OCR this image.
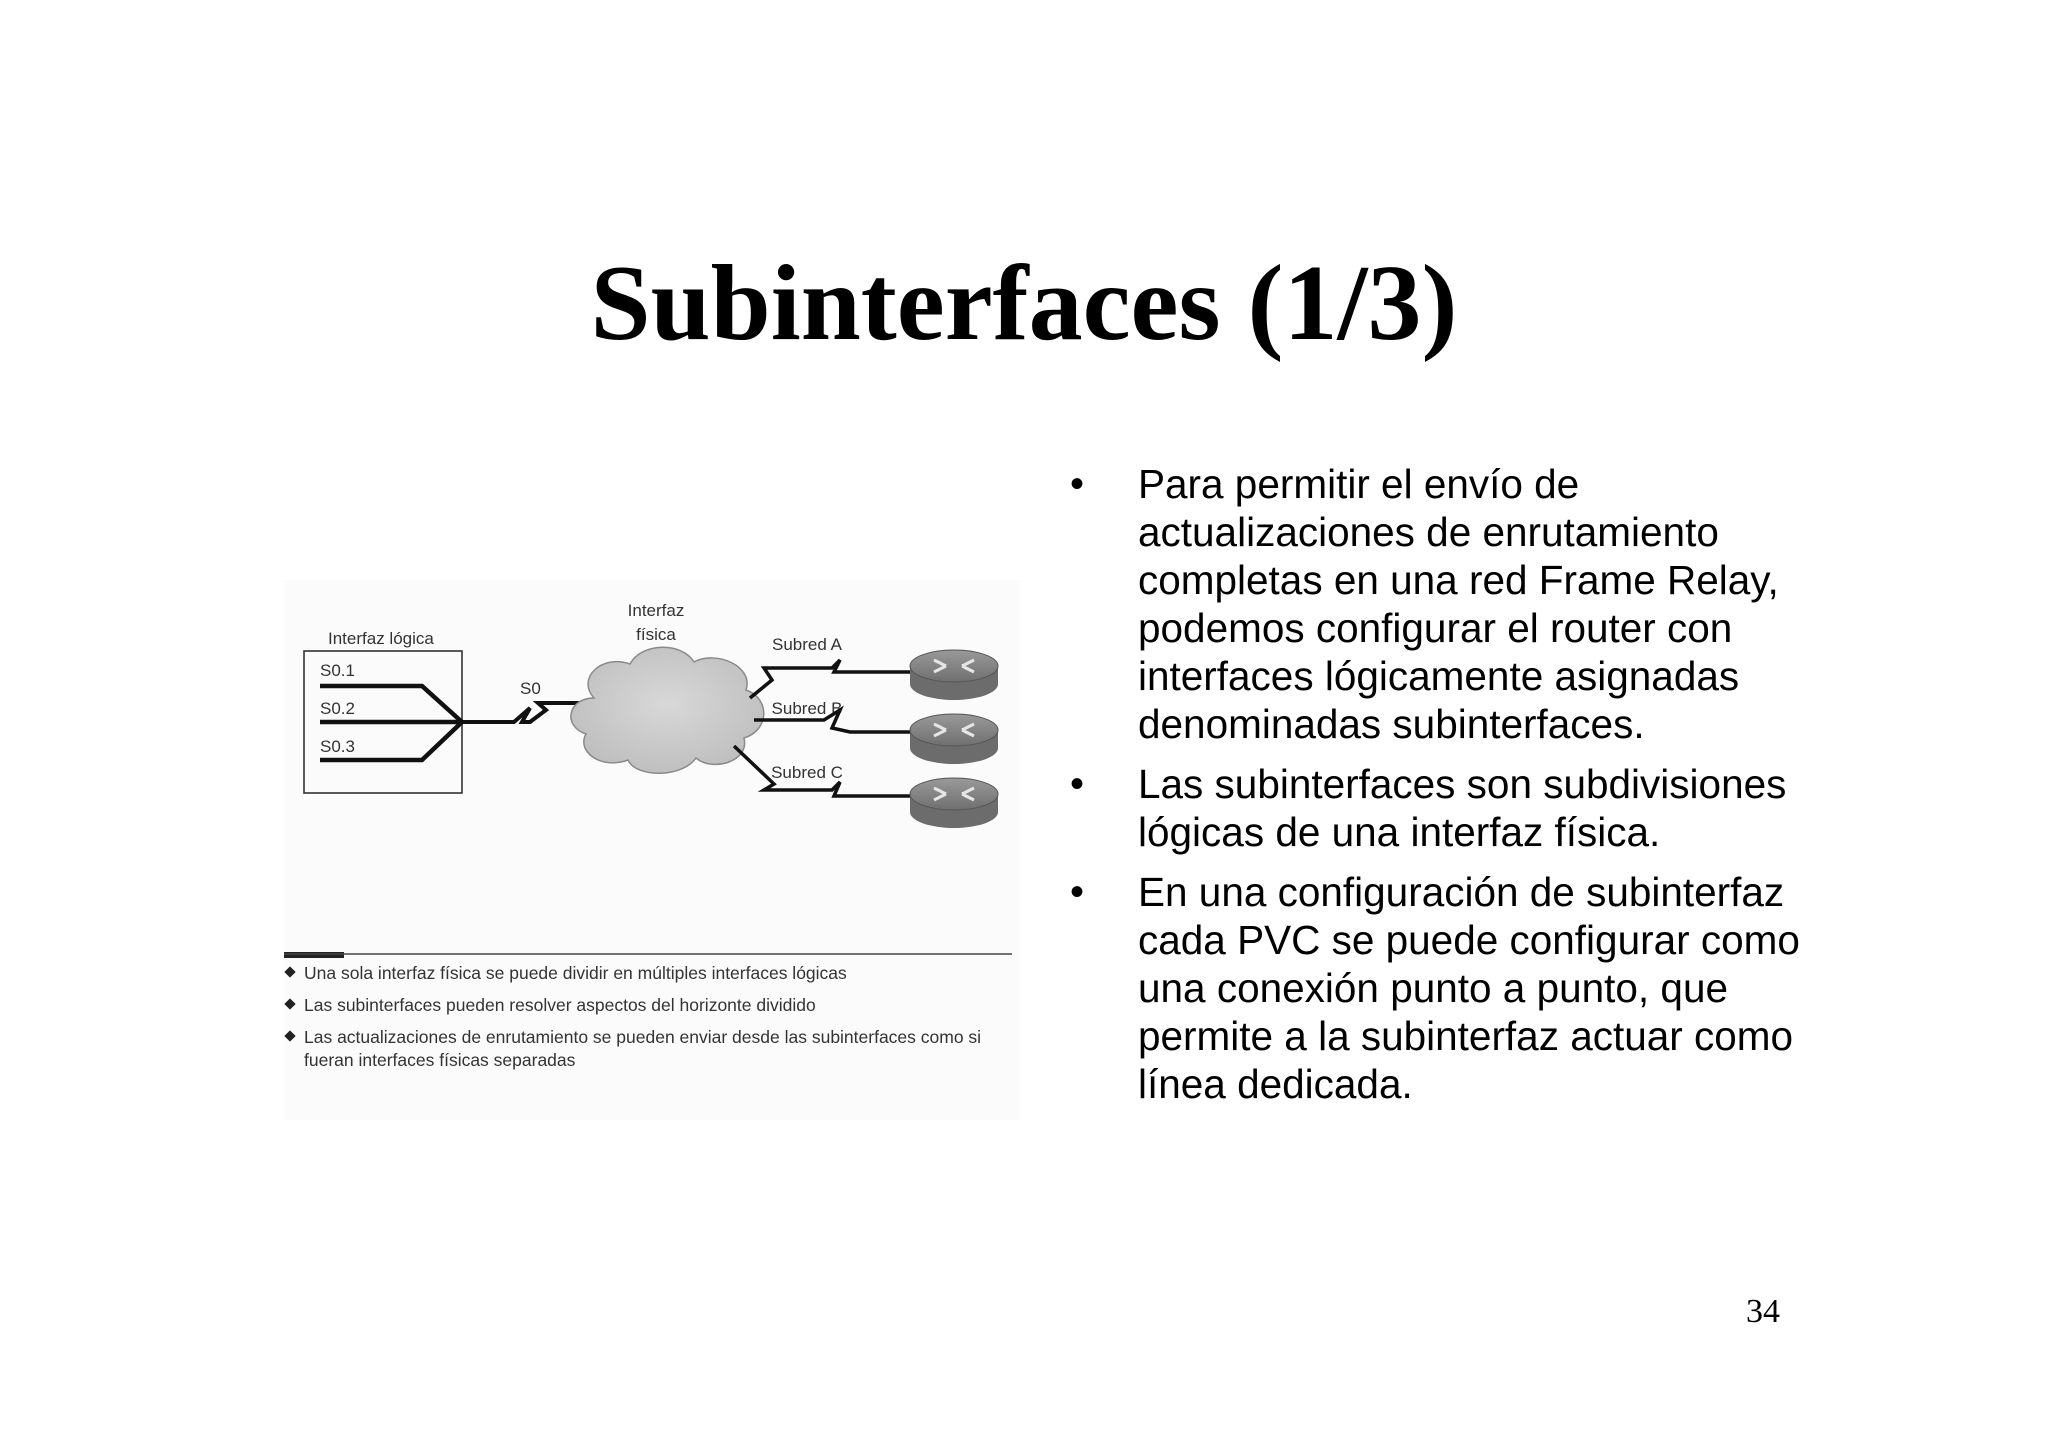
Subinterfaces (1/3)
Interfaz lógica
S0.1
S0.2
S0.3
S0
Interfaz
física
Subred A
Subred B
Subred C
Una sola interfaz física se puede dividir en múltiples interfaces lógicas
Las subinterfaces pueden resolver aspectos del horizonte dividido
Las actualizaciones de enrutamiento se pueden enviar desde las subinterfaces como si fueran interfaces físicas separadas
• Para permitir el envío de actualizaciones de enrutamiento completas en una red Frame Relay, podemos configurar el router con interfaces lógicamente asignadas denominadas subinterfaces.
• Las subinterfaces son subdivisiones lógicas de una interfaz física.
• En una configuración de subinterfaz cada PVC se puede configurar como una conexión punto a punto, que permite a la subinterfaz actuar como línea dedicada.
34
